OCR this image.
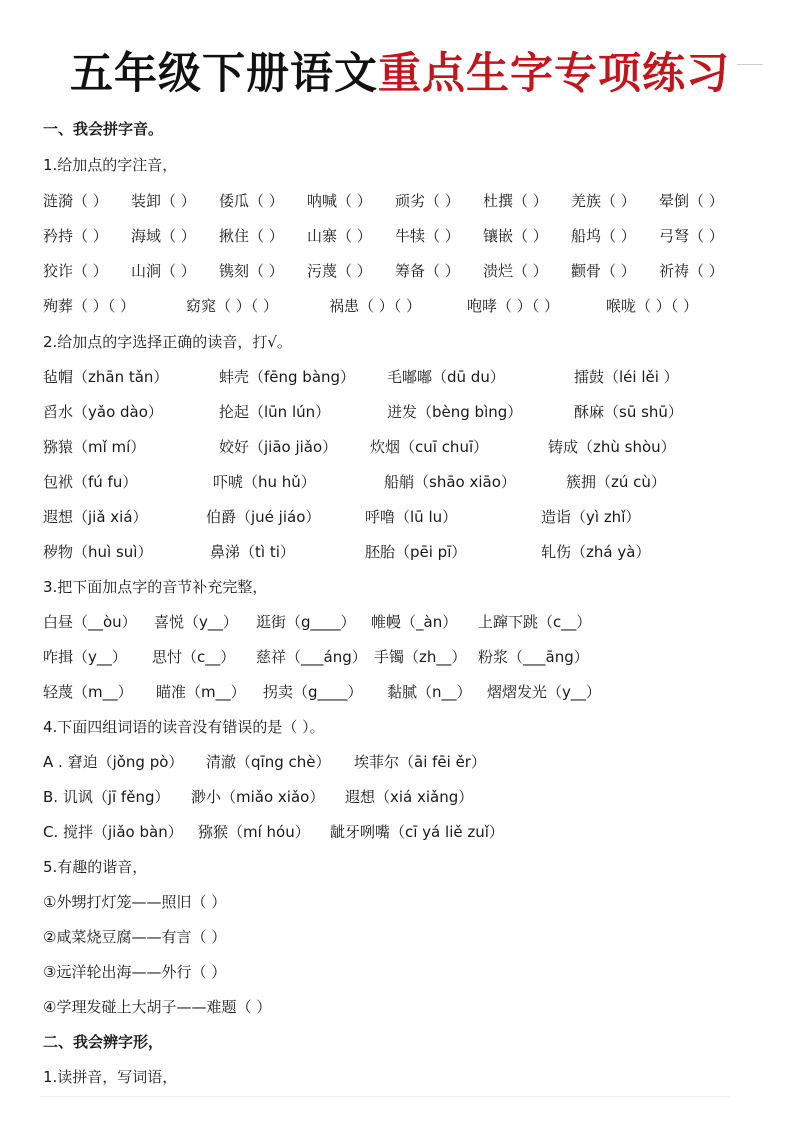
五年级下册语文重点生字专项练习
一、我会拼字音。
1.给加点的字注音，
涟漪（ ） 装卸（ ） 倭瓜（ ） 呐喊（ ） 顽劣（ ） 杜撰（ ） 羌族（ ） 晕倒（ ）
矜持（ ） 海域（ ） 揪住（ ） 山寨（ ） 牛犊（ ） 镶嵌（ ） 船坞（ ） 弓弩（ ）
狡诈（ ） 山涧（ ） 镌刻（ ） 污蔑（ ） 筹备（ ） 溃烂（ ） 颧骨（ ） 祈祷（ ）
殉葬（ ）（ ）	窈窕（ ）（ ）	祸患（ ）（ ）	咆哮（ ）（ ）	喉咙（ ）（ ）
2.给加点的字选择正确的读音，打√。
毡帽（zhān tǎn）	蚌壳（fēng bàng） 毛嘟嘟（dū du）	擂鼓（léi lěi ）
舀水（yǎo dào）	抡起（lūn lún）	迸发（bèng bìng）	酥麻（sū shū）
猕猿（mǐ mí）	姣好（jiāo jiǎo） 炊烟（cuī chuī）	铸成（zhù shòu）
包袱（fú fu）	吓唬（hu hǔ）	船艄（shāo xiāo）	簇拥（zú cù）
遐想（jiǎ xiá）	伯爵（jué jiáo）	呼噜（lū lu）	造诣（yì zhǐ）
秽物（huì suì）	鼻涕（tì ti）	胚胎（pēi pī）	轧伤（zhá yà）
3.把下面加点字的音节补充完整，
白昼（__òu） 喜悦（y__） 逛街（g____） 帷幔（_àn） 上蹿下跳（c__）
咋揖（y__） 思忖（c__） 慈祥（___áng） 手镯（zh__） 粉浆（___āng）
轻蔑（m__） 瞄准（m__） 拐卖（g____） 黏腻（n__） 熠熠发光（y__）
4.下面四组词语的读音没有错误的是（ ）。
A . 窘迫（jǒng pò） 清澈（qīng chè） 埃菲尔（āi fēi ěr）
B. 讥讽（jī fěng） 渺小（miǎo xiǎo） 遐想（xiá xiǎng）
C. 搅拌（jiǎo bàn） 猕猴（mí hóu） 龇牙咧嘴（cī yá liě zuǐ）
5.有趣的谐音，
①外甥打灯笼——照旧（ ）
②咸菜烧豆腐——有言（ ）
③远洋轮出海——外行（ ）
④学理发碰上大胡子——难题（ ）
二、我会辨字形，
1.读拼音，写词语，
